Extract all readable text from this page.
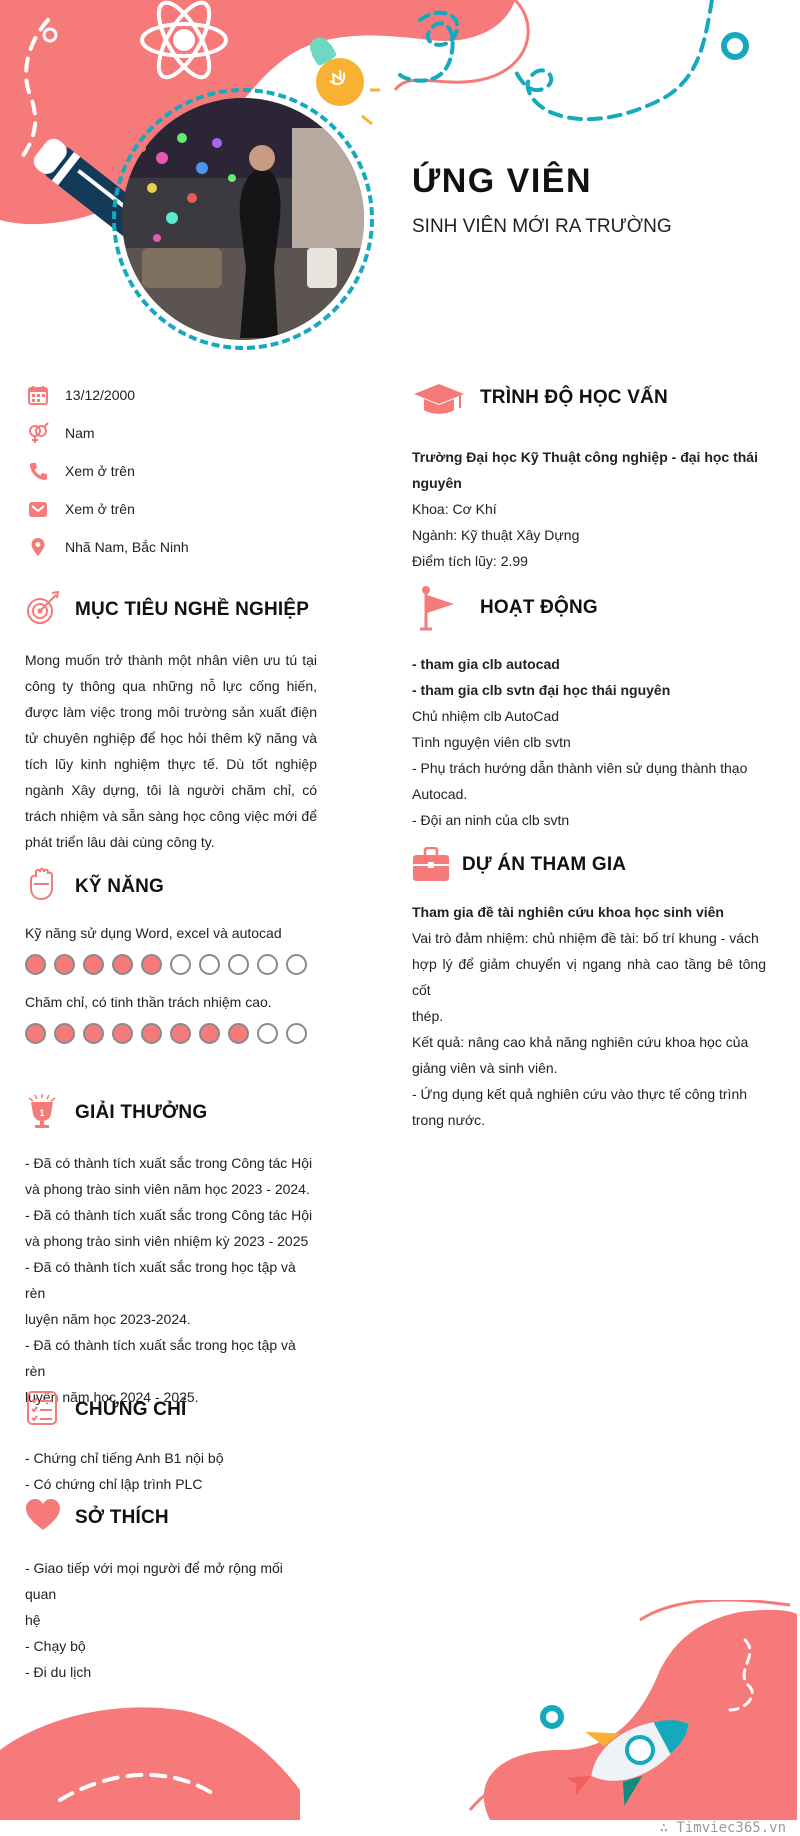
ỨNG VIÊN
SINH VIÊN MỚI RA TRƯỜNG
13/12/2000
Nam
Xem ở trên
Xem ở trên
Nhã Nam, Bắc Ninh
MỤC TIÊU NGHỀ NGHIỆP

Mong muốn trở thành một nhân viên ưu tú tại công ty thông qua những nỗ lực cống hiến, được làm việc trong môi trường sản xuất điện tử chuyên nghiệp để học hỏi thêm kỹ năng và tích lũy kinh nghiệm thực tế. Dù tốt nghiệp ngành Xây dựng, tôi là người chăm chỉ, có trách nhiệm và sẵn sàng học công việc mới để phát triển lâu dài cùng công ty.

KỸ NĂNG
Kỹ năng sử dụng Word, excel và autocad
Chăm chỉ, có tinh thần trách nhiệm cao.
1 GIẢI THƯỞNG
- Đã có thành tích xuất sắc trong Công tác Hội
và phong trào sinh viên năm học 2023 - 2024.
- Đã có thành tích xuất sắc trong Công tác Hội
và phong trào sinh viên nhiệm kỳ 2023 - 2025
- Đã có thành tích xuất sắc trong học tập và rèn
luyện năm học 2023-2024.
- Đã có thành tích xuất sắc trong học tập và rèn
luyện năm học 2024 - 2025.
CHỨNG CHỈ
- Chứng chỉ tiếng Anh B1 nội bộ
- Có chứng chỉ lập trình PLC
SỞ THÍCH
- Giao tiếp với mọi người để mở rộng mối quan
hệ
- Chạy bộ
- Đi du lịch
TRÌNH ĐỘ HỌC VẤN
Trường Đại học Kỹ Thuật công nghiệp - đại học thái
nguyên
Khoa: Cơ Khí
Ngành: Kỹ thuật Xây Dựng
Điểm tích lũy: 2.99
HOẠT ĐỘNG
- tham gia clb autocad
- tham gia clb svtn đại học thái nguyên
Chủ nhiệm clb AutoCad
Tình nguyện viên clb svtn
- Phụ trách hướng dẫn thành viên sử dụng thành thạo
Autocad.
- Đội an ninh của clb svtn
DỰ ÁN THAM GIA
Tham gia đề tài nghiên cứu khoa học sinh viên
Vai trò đảm nhiệm: chủ nhiệm đề tài: bố trí khung - vách
hợp lý để giảm chuyển vị ngang nhà cao tầng bê tông cốt
thép.
Kết quả: nâng cao khả năng nghiên cứu khoa học của
giảng viên và sinh viên.
- Ứng dụng kết quả nghiên cứu vào thực tế công trình
trong nước.
∴ Timviec365.vn
